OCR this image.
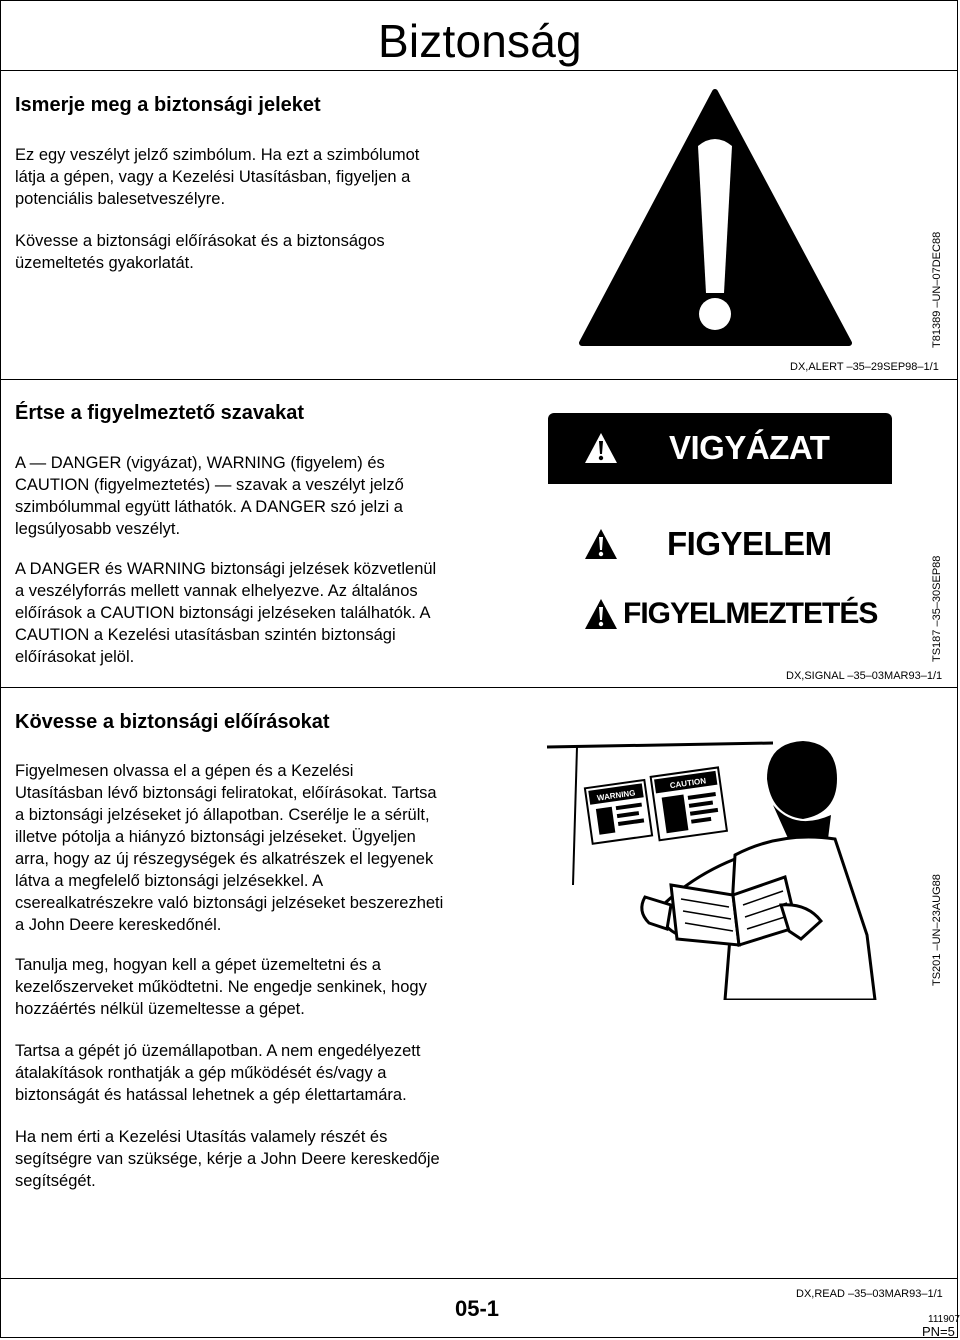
Biztonság
Ismerje meg a biztonsági jeleket
Ez egy veszélyt jelző szimbólum. Ha ezt a szimbólumot
látja a gépen, vagy a Kezelési Utasításban, figyeljen a
potenciális balesetveszélyre.
Kövesse a biztonsági előírásokat és a biztonságos
üzemeltetés gyakorlatát.	T81389 –UN–07DEC88
DX,ALERT –35–29SEP98–1/1
Értse a figyelmeztető szavakat
A — DANGER (vigyázat), WARNING (figyelem) és
CAUTION (figyelmeztetés) — szavak a veszélyt jelző
szimbólummal együtt láthatók. A DANGER szó jelzi a
legsúlyosabb veszélyt.
A DANGER és WARNING biztonsági jelzések közvetlenül
a veszélyforrás mellett vannak elhelyezve. Az általános
előírások a CAUTION biztonsági jelzéseken találhatók. A
CAUTION a Kezelési utasításban szintén biztonsági
előírásokat jelöl.
VIGYÁZAT
FIGYELEM
FIGYELMEZTETÉS	TS187 –35–30SEP88
DX,SIGNAL –35–03MAR93–1/1
Kövesse a biztonsági előírásokat
Figyelmesen olvassa el a gépen és a Kezelési
Utasításban lévő biztonsági feliratokat, előírásokat. Tartsa
a biztonsági jelzéseket jó állapotban. Cserélje le a sérült,
illetve pótolja a hiányzó biztonsági jelzéseket. Ügyeljen
arra, hogy az új részegységek és alkatrészek el legyenek
látva a megfelelő biztonsági jelzésekkel. A
cserealkatrészekre való biztonsági jelzéseket beszerezheti
a John Deere kereskedőnél.
Tanulja meg, hogyan kell a gépet üzemeltetni és a
kezelőszerveket működtetni. Ne engedje senkinek, hogy
hozzáértés nélkül üzemeltesse a gépet.
Tartsa a gépét jó üzemállapotban. A nem engedélyezett
átalakítások ronthatják a gép működését és/vagy a
biztonságát és hatással lehetnek a gép élettartamára.
Ha nem érti a Kezelési Utasítás valamely részét és
segítségre van szüksége, kérje a John Deere kereskedője
segítségét.
WARNING
CAUTION
TS201 –UN–23AUG88
DX,READ –35–03MAR93–1/1
05-1	111907
PN=5
